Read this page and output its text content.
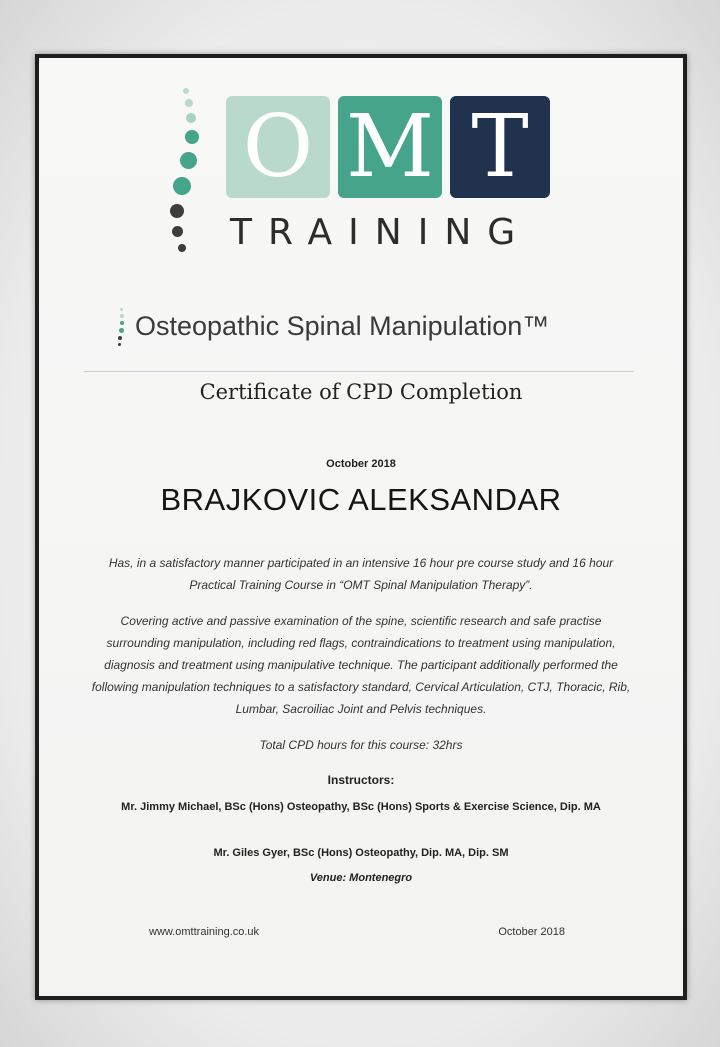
O M T
TRAINING
Osteopathic Spinal Manipulation™
Certificate of CPD Completion
October 2018
BRAJKOVIC ALEKSANDAR
Has, in a satisfactory manner participated in an intensive 16 hour pre course study and 16 hour Practical Training Course in “OMT Spinal Manipulation Therapy”.
Covering active and passive examination of the spine, scientific research and safe practise surrounding manipulation, including red flags, contraindications to treatment using manipulation, diagnosis and treatment using manipulative technique. The participant additionally performed the following manipulation techniques to a satisfactory standard, Cervical Articulation, CTJ, Thoracic, Rib, Lumbar, Sacroiliac Joint and Pelvis techniques.
Total CPD hours for this course: 32hrs
Instructors:
Mr. Jimmy Michael, BSc (Hons) Osteopathy, BSc (Hons) Sports & Exercise Science, Dip. MA
Mr. Giles Gyer, BSc (Hons) Osteopathy, Dip. MA, Dip. SM
Venue: Montenegro
www.omttraining.co.uk	October 2018
